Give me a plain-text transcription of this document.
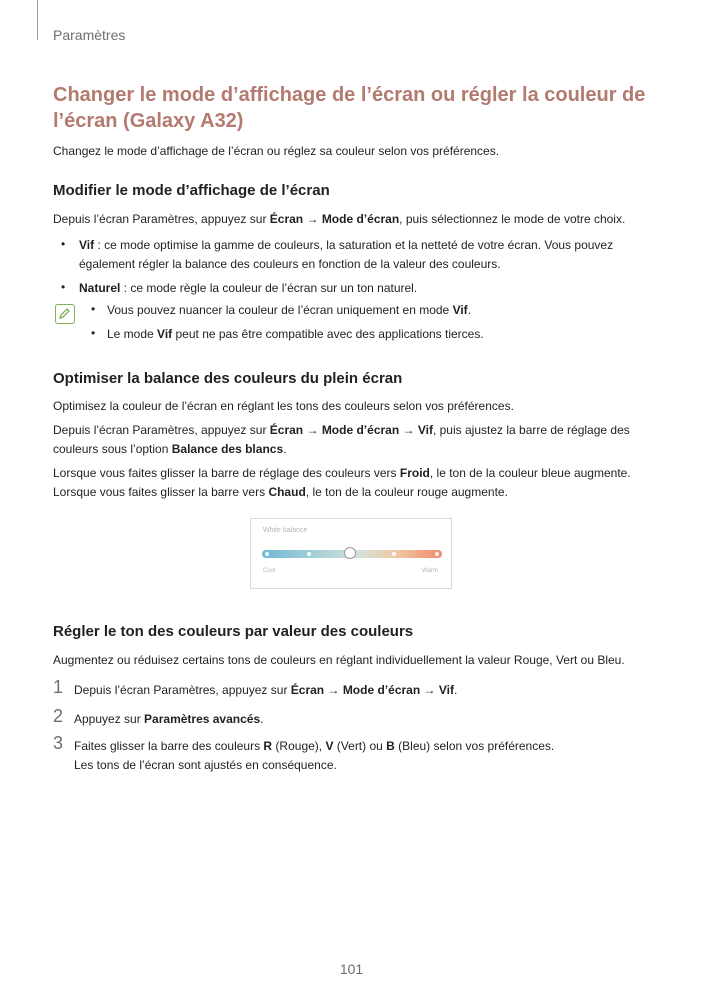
Paramètres
Changer le mode d’affichage de l’écran ou régler la couleur de l’écran (Galaxy A32)
Changez le mode d’affichage de l’écran ou réglez sa couleur selon vos préférences.
Modifier le mode d’affichage de l’écran
Depuis l’écran Paramètres, appuyez sur Écran → Mode d’écran, puis sélectionnez le mode de votre choix.
• Vif : ce mode optimise la gamme de couleurs, la saturation et la netteté de votre écran. Vous pouvez
également régler la balance des couleurs en fonction de la valeur des couleurs.
• Naturel : ce mode règle la couleur de l’écran sur un ton naturel.
• Vous pouvez nuancer la couleur de l’écran uniquement en mode Vif.
• Le mode Vif peut ne pas être compatible avec des applications tierces.
Optimiser la balance des couleurs du plein écran
Optimisez la couleur de l’écran en réglant les tons des couleurs selon vos préférences.
Depuis l’écran Paramètres, appuyez sur Écran → Mode d’écran → Vif, puis ajustez la barre de réglage des
couleurs sous l’option Balance des blancs.
Lorsque vous faites glisser la barre de réglage des couleurs vers Froid, le ton de la couleur bleue augmente.
Lorsque vous faites glisser la barre vers Chaud, le ton de la couleur rouge augmente.
White balance
Cool	Warm
Régler le ton des couleurs par valeur des couleurs
Augmentez ou réduisez certains tons de couleurs en réglant individuellement la valeur Rouge, Vert ou Bleu.
1 Depuis l’écran Paramètres, appuyez sur Écran → Mode d’écran → Vif.
2 Appuyez sur Paramètres avancés.
3 Faites glisser la barre des couleurs R (Rouge), V (Vert) ou B (Bleu) selon vos préférences.
Les tons de l’écran sont ajustés en conséquence.
101
